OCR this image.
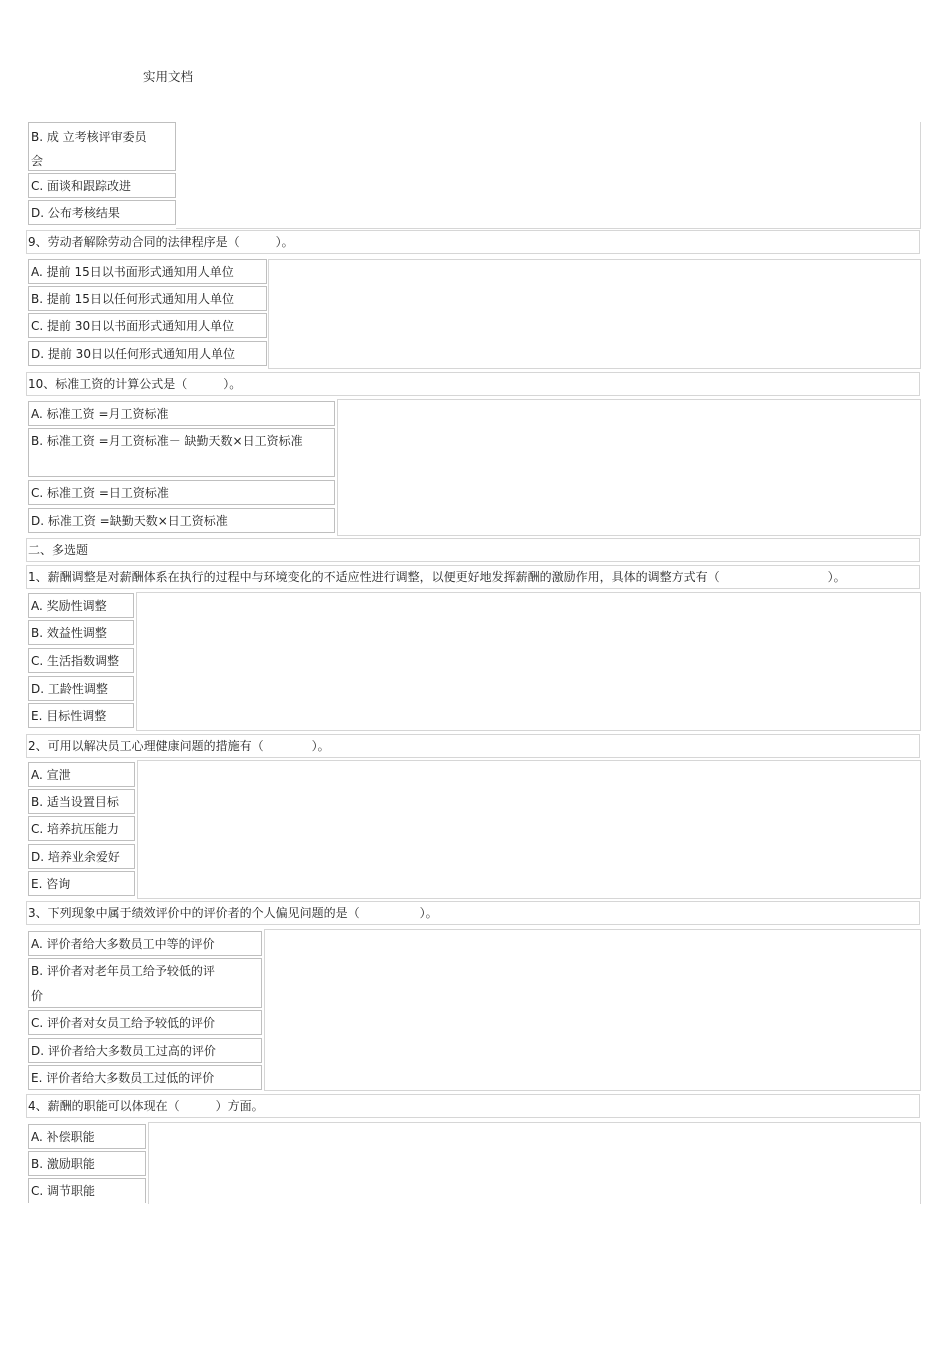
实用文档
B. 成 立考核评审委员
会
C. 面谈和跟踪改进
D. 公布考核结果
9、劳动者解除劳动合同的法律程序是（　　　）。
A. 提前 15日以书面形式通知用人单位
B. 提前 15日以任何形式通知用人单位
C. 提前 30日以书面形式通知用人单位
D. 提前 30日以任何形式通知用人单位
10、标准工资的计算公式是（　　　）。
A. 标准工资 =月工资标准
B. 标准工资 =月工资标准－ 缺勤天数×日工资标准
C. 标准工资 =日工资标准
D. 标准工资 =缺勤天数×日工资标准
二、多选题
1、薪酬调整是对薪酬体系在执行的过程中与环境变化的不适应性进行调整，以便更好地发挥薪酬的激励作用，具体的调整方式有（　　　　　　　　　）。
A. 奖励性调整
B. 效益性调整
C. 生活指数调整
D. 工龄性调整
E. 目标性调整
2、可用以解决员工心理健康问题的措施有（　　　　）。
A. 宣泄
B. 适当设置目标
C. 培养抗压能力
D. 培养业余爱好
E. 咨询
3、下列现象中属于绩效评价中的评价者的个人偏见问题的是（　　　　　）。
A. 评价者给大多数员工中等的评价
B. 评价者对老年员工给予较低的评
价
C. 评价者对女员工给予较低的评价
D. 评价者给大多数员工过高的评价
E. 评价者给大多数员工过低的评价
4、薪酬的职能可以体现在（　　　）方面。
A. 补偿职能
B. 激励职能
C. 调节职能
